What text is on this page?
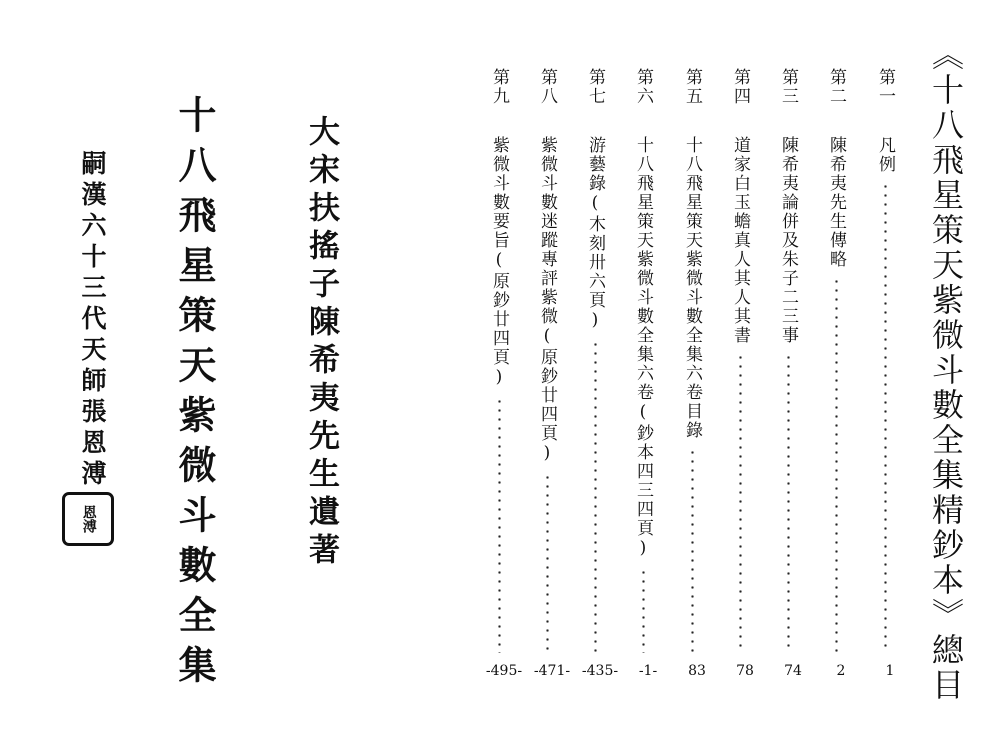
大宋扶搖子陳希夷先生遺著
十八飛星策天紫微斗數全集
嗣漢六十三代天師張恩溥
恩溥	《十八飛星策天紫微斗數全集精鈔本》總目
第一
凡例
1
第二
陳希夷先生傳略
2
第三
陳希夷論併及朱子二三事
74
第四
道家白玉蟾真人其人其書
78
第五
十八飛星策天紫微斗數全集六卷目錄
83
第六
十八飛星策天紫微斗數全集六卷(鈔本四三四頁)
-1-
第七
游藝錄(木刻卅六頁)
-435-
第八
紫微斗數迷蹤專評紫微(原鈔廿四頁)
-471-
第九
紫微斗數要旨(原鈔廿四頁)
-495-
